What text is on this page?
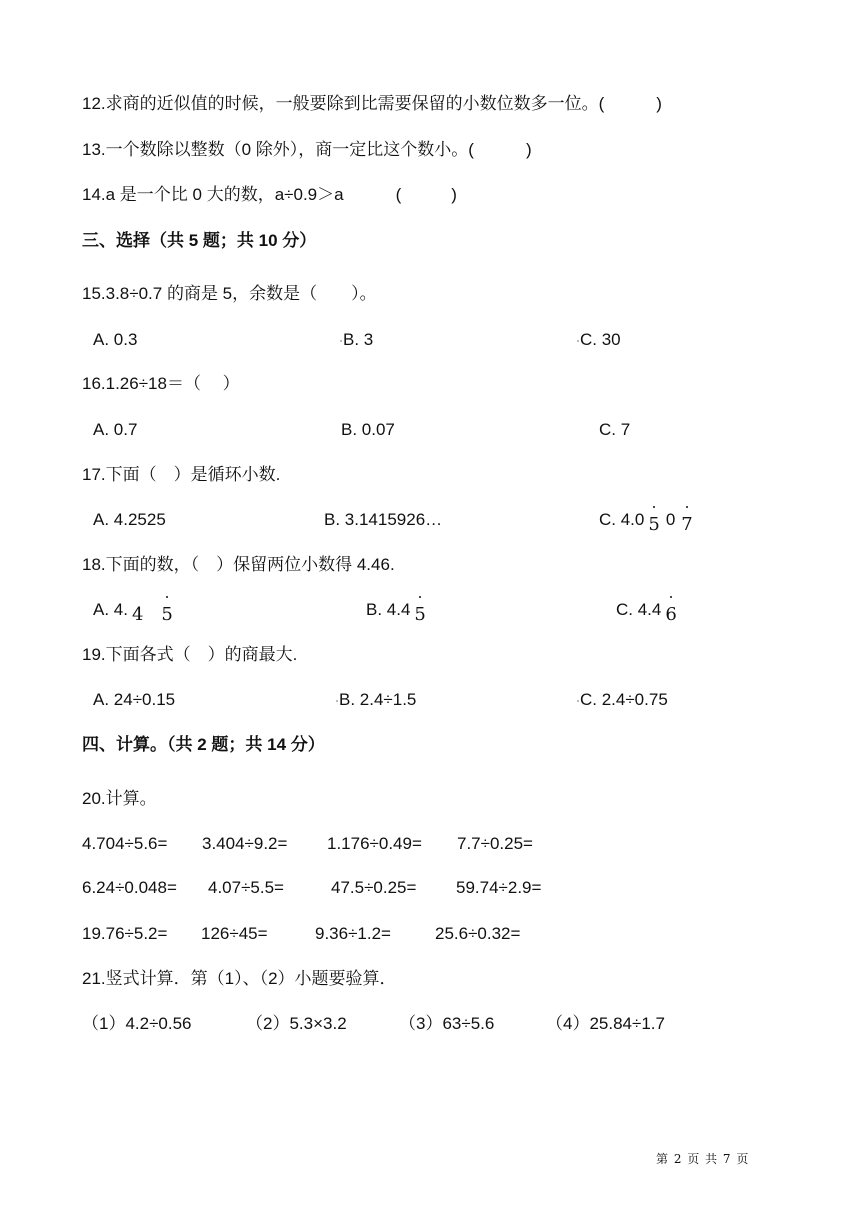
12.求商的近似值的时候，一般要除到比需要保留的小数位数多一位。(	)
13.一个数除以整数（0 除外），商一定比这个数小。(	)
14.a 是一个比 0 大的数，a÷0.9＞a	(	)
三、选择（共 5 题；共 10 分）
15.3.8÷0.7 的商是 5，余数是（　　）。
A. 0.3	B. 3	C. 30
16.1.26÷18＝（　 ）
A. 0.7	B. 0.07	C. 7
17.下面（　）是循环小数.
A. 4.2525	B. 3.1415926…	C. 4.0 5 0 7
18.下面的数，（　）保留两位小数得 4.46.
A. 4. 4 5	B. 4.4 5	C. 4.4 6
19.下面各式（　）的商最大.
A. 24÷0.15	B. 2.4÷1.5	C. 2.4÷0.75
四、计算。（共 2 题；共 14 分）
20.计算。
4.704÷5.6= 3.404÷9.2= 1.176÷0.49= 7.7÷0.25=
6.24÷0.048= 4.07÷5.5=	47.5÷0.25= 59.74÷2.9=
19.76÷5.2= 126÷45=	9.36÷1.2=	25.6÷0.32=
21.竖式计算．第（1）、（2）小题要验算．
（1）4.2÷0.56	（2）5.3×3.2	（3）63÷5.6	（4）25.84÷1.7
第 2 页 共 7 页
